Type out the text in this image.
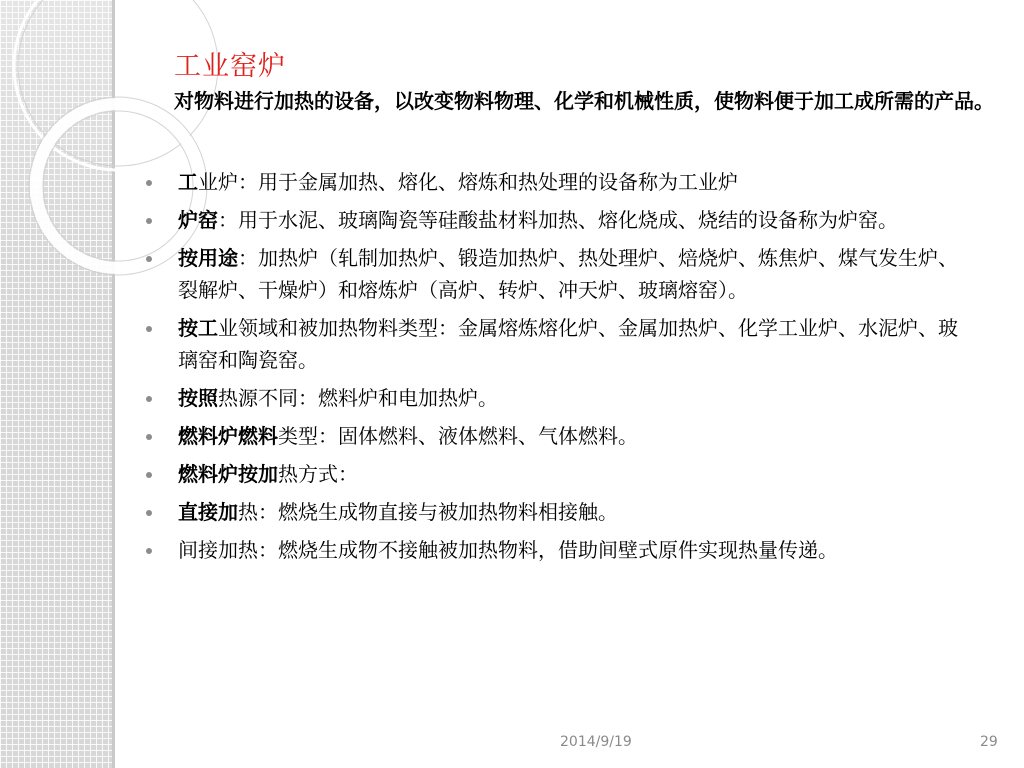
工业窑炉
对物料进行加热的设备，以改变物料物理、化学和机械性质，使物料便于加工成所需的产品。
工业炉：用于金属加热、熔化、熔炼和热处理的设备称为工业炉
炉窑：用于水泥、玻璃陶瓷等硅酸盐材料加热、熔化烧成、烧结的设备称为炉窑。
按用途：加热炉（轧制加热炉、锻造加热炉、热处理炉、焙烧炉、炼焦炉、煤气发生炉、裂解炉、干燥炉）和熔炼炉（高炉、转炉、冲天炉、玻璃熔窑）。
按工业领域和被加热物料类型：金属熔炼熔化炉、金属加热炉、化学工业炉、水泥炉、玻璃窑和陶瓷窑。
按照热源不同：燃料炉和电加热炉。
燃料炉燃料类型：固体燃料、液体燃料、气体燃料。
燃料炉按加热方式：
直接加热：燃烧生成物直接与被加热物料相接触。
间接加热：燃烧生成物不接触被加热物料，借助间壁式原件实现热量传递。
2014/9/19	29
